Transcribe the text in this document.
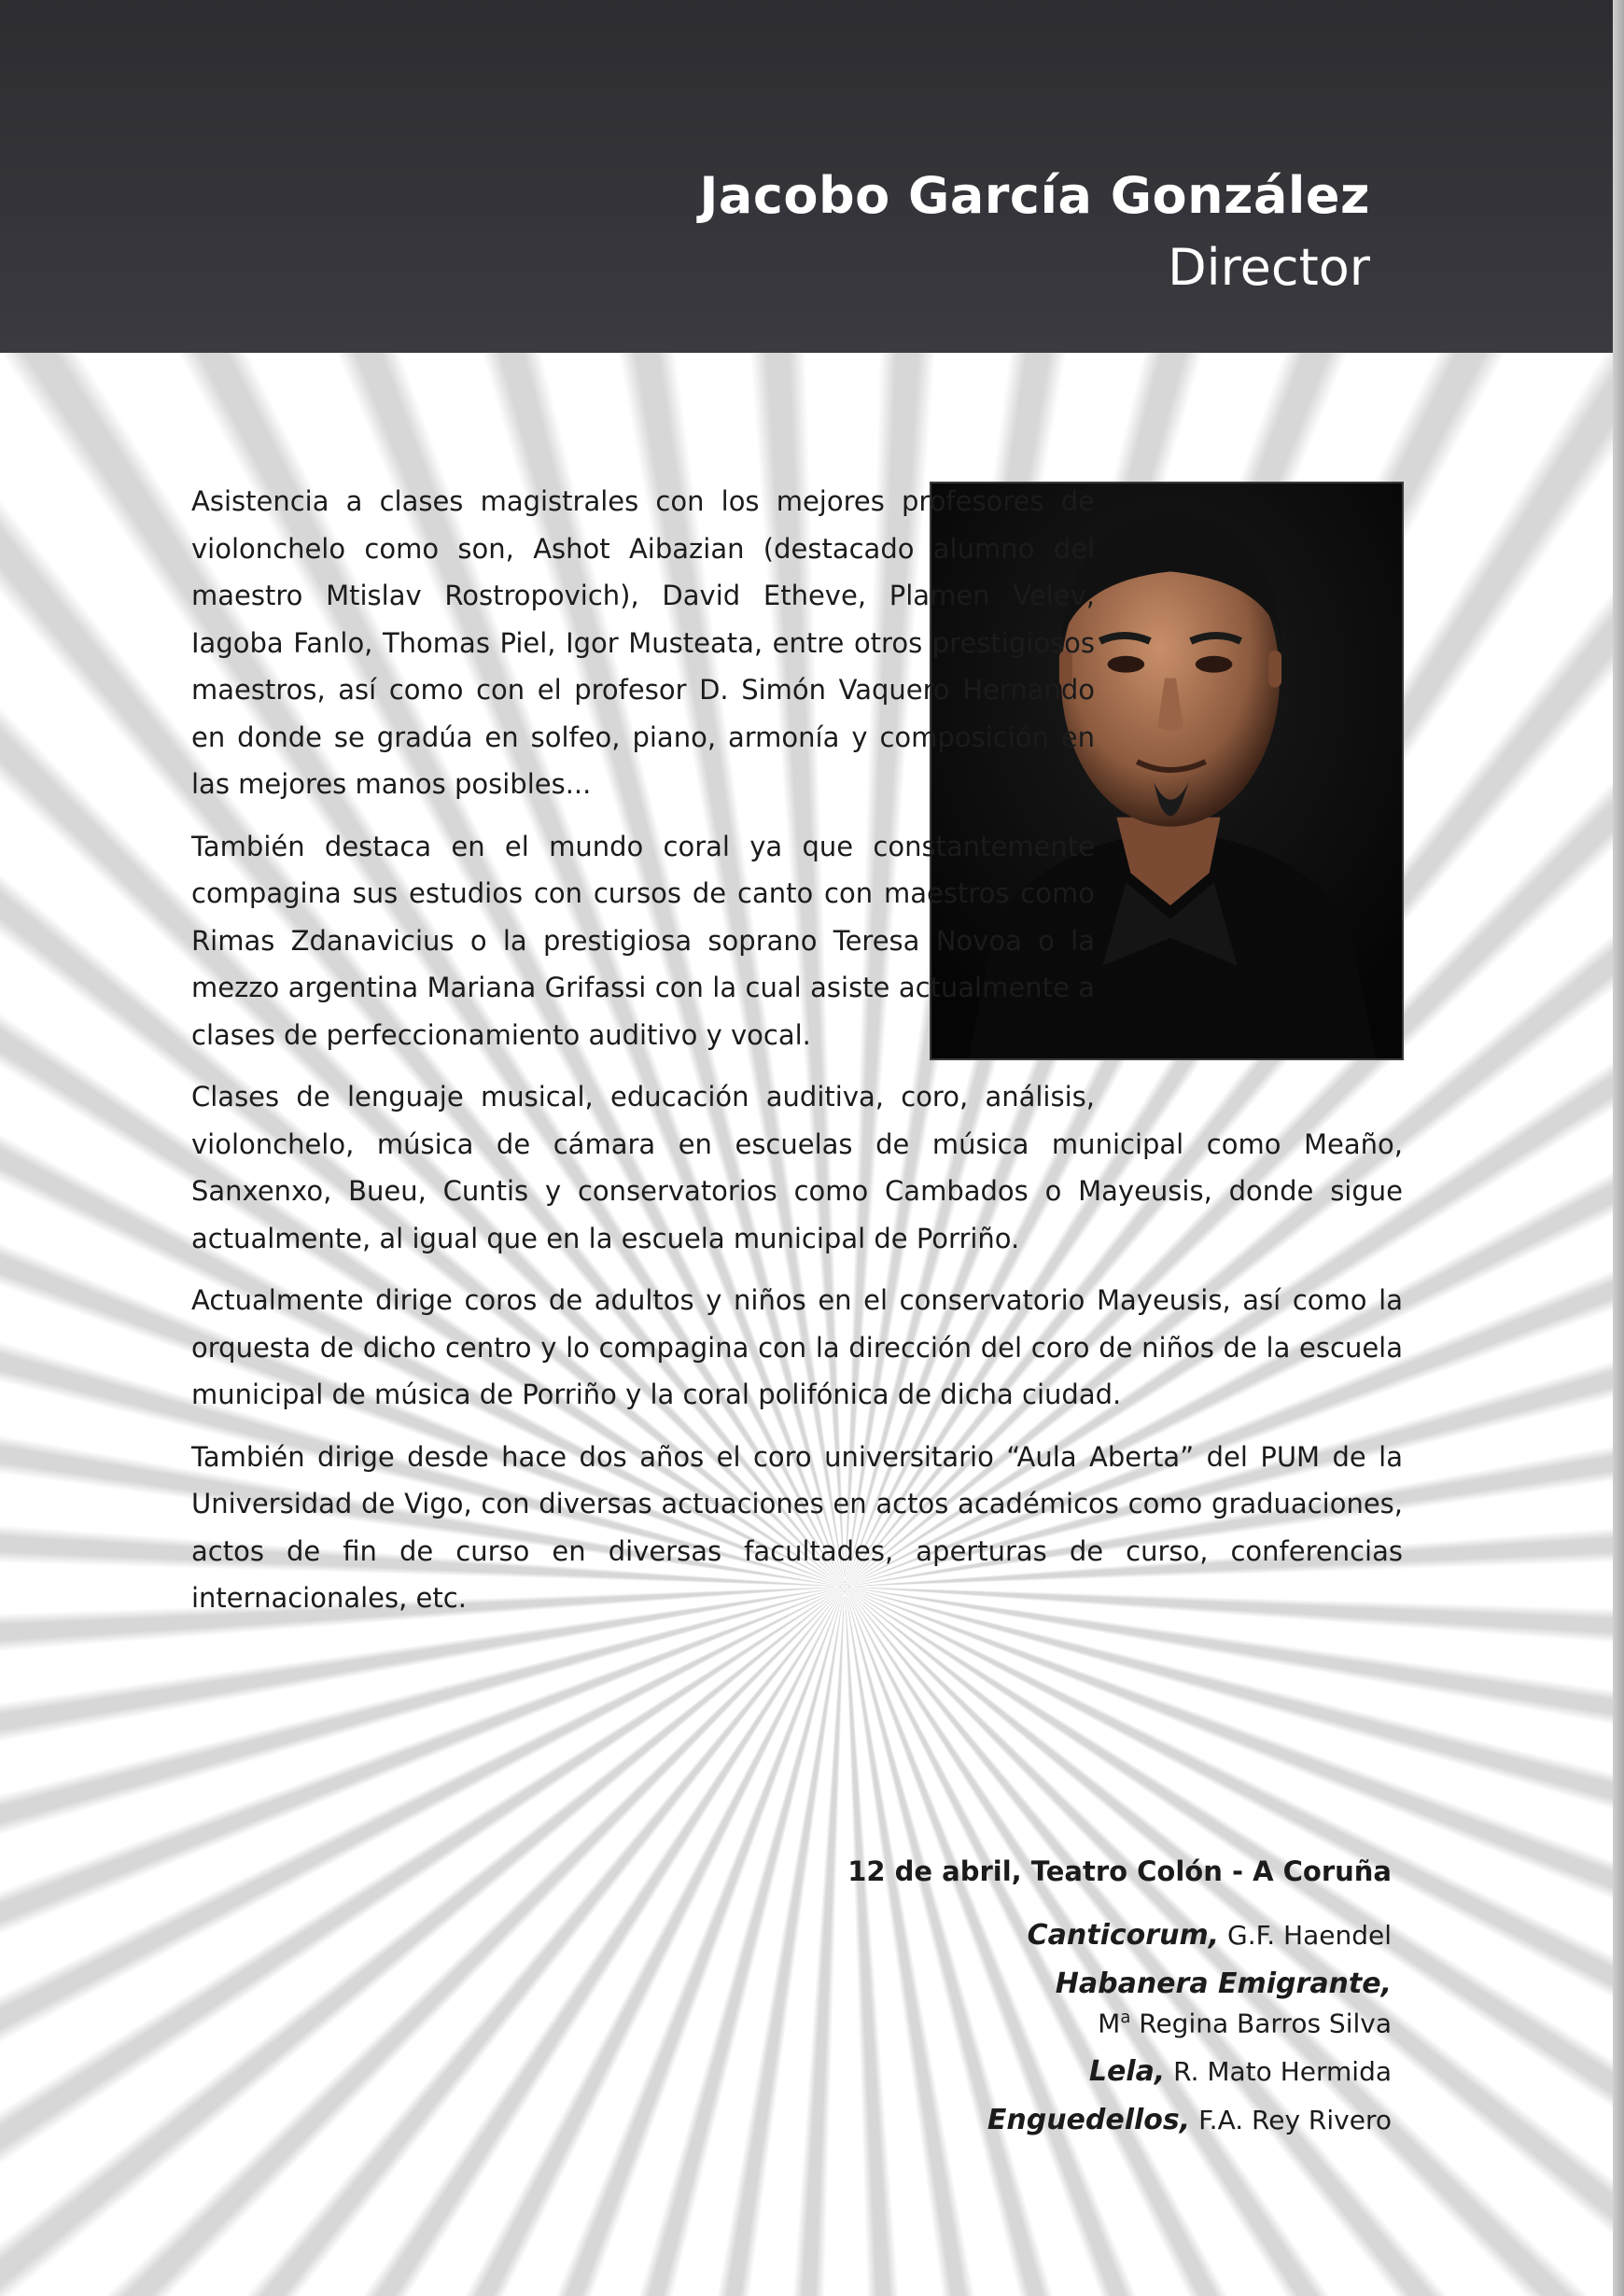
Jacobo García González
Director

Asistencia a clases magistrales con los mejores profesores de violonchelo como son, Ashot Aibazian (destacado alumno del maestro Mtislav Rostropovich), David Etheve, Plamen Velev, Iagoba Fanlo, Thomas Piel, Igor Musteata, entre otros prestigiosos maestros, así como con el profesor D. Simón Vaquero Hernando en donde se gradúa en solfeo, piano, armonía y composición en las mejores manos posibles...

También destaca en el mundo coral ya que constantemente compagina sus estudios con cursos de canto con maestros como Rimas Zdanavicius o la prestigiosa soprano Teresa Novoa o la mezzo argentina Mariana Grifassi con la cual asiste actualmente a clases de perfeccionamiento auditivo y vocal.

Clases de lenguaje musical, educación auditiva, coro, análisis, violonchelo, música de cámara en escuelas de música municipal como Meaño, Sanxenxo, Bueu, Cuntis y conservatorios como Cambados o Mayeusis, donde sigue actualmente, al igual que en la escuela municipal de Porriño.

Actualmente dirige coros de adultos y niños en el conservatorio Mayeusis, así como la orquesta de dicho centro y lo compagina con la dirección del coro de niños de la escuela municipal de música de Porriño y la coral polifónica de dicha ciudad.

También dirige desde hace dos años el coro universitario “Aula Aberta” del PUM de la Universidad de Vigo, con diversas actuaciones en actos académicos como graduaciones, actos de fin de curso en diversas facultades, aperturas de curso, conferencias internacionales, etc.

12 de abril, Teatro Colón - A Coruña
Canticorum, G.F. Haendel
Habanera Emigrante,
$M^a$ Regina Barros Silva
Lela, R. Mato Hermida
Enguedellos, F.A. Rey Rivero
